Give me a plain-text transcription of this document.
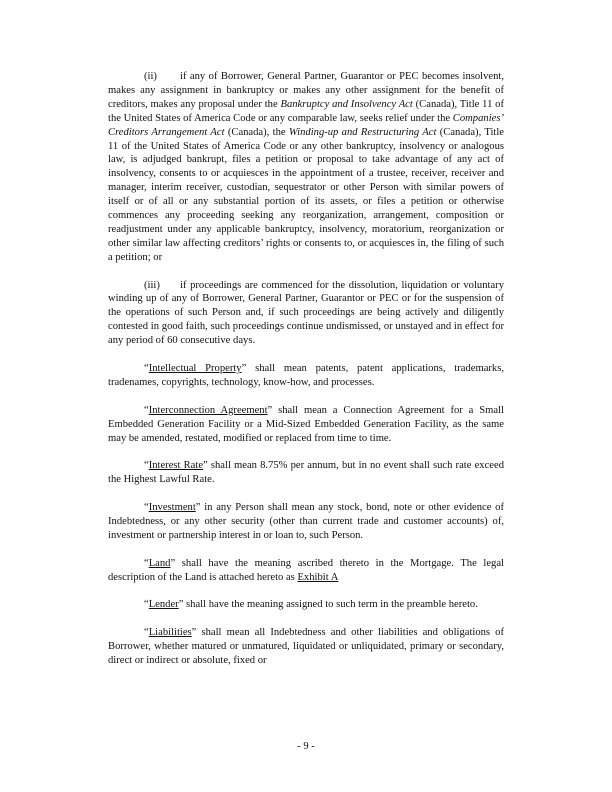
(ii) if any of Borrower, General Partner, Guarantor or PEC becomes insolvent, makes any assignment in bankruptcy or makes any other assignment for the benefit of creditors, makes any proposal under the Bankruptcy and Insolvency Act (Canada), Title 11 of the United States of America Code or any comparable law, seeks relief under the Companies’ Creditors Arrangement Act (Canada), the Winding-up and Restructuring Act (Canada), Title 11 of the United States of America Code or any other bankruptcy, insolvency or analogous law, is adjudged bankrupt, files a petition or proposal to take advantage of any act of insolvency, consents to or acquiesces in the appointment of a trustee, receiver, receiver and manager, interim receiver, custodian, sequestrator or other Person with similar powers of itself or of all or any substantial portion of its assets, or files a petition or otherwise commences any proceeding seeking any reorganization, arrangement, composition or readjustment under any applicable bankruptcy, insolvency, moratorium, reorganization or other similar law affecting creditors’ rights or consents to, or acquiesces in, the filing of such a petition; or

(iii) if proceedings are commenced for the dissolution, liquidation or voluntary winding up of any of Borrower, General Partner, Guarantor or PEC or for the suspension of the operations of such Person and, if such proceedings are being actively and diligently contested in good faith, such proceedings continue undismissed, or unstayed and in effect for any period of 60 consecutive days.

“Intellectual Property” shall mean patents, patent applications, trademarks, tradenames, copyrights, technology, know-how, and processes.

“Interconnection Agreement” shall mean a Connection Agreement for a Small Embedded Generation Facility or a Mid-Sized Embedded Generation Facility, as the same may be amended, restated, modified or replaced from time to time.

“Interest Rate” shall mean 8.75% per annum, but in no event shall such rate exceed the Highest Lawful Rate.

“Investment” in any Person shall mean any stock, bond, note or other evidence of Indebtedness, or any other security (other than current trade and customer accounts) of, investment or partnership interest in or loan to, such Person.

“Land” shall have the meaning ascribed thereto in the Mortgage. The legal description of the Land is attached hereto as Exhibit A

“Lender” shall have the meaning assigned to such term in the preamble hereto.

“Liabilities” shall mean all Indebtedness and other liabilities and obligations of Borrower, whether matured or unmatured, liquidated or unliquidated, primary or secondary, direct or indirect or absolute, fixed or

- 9 -
